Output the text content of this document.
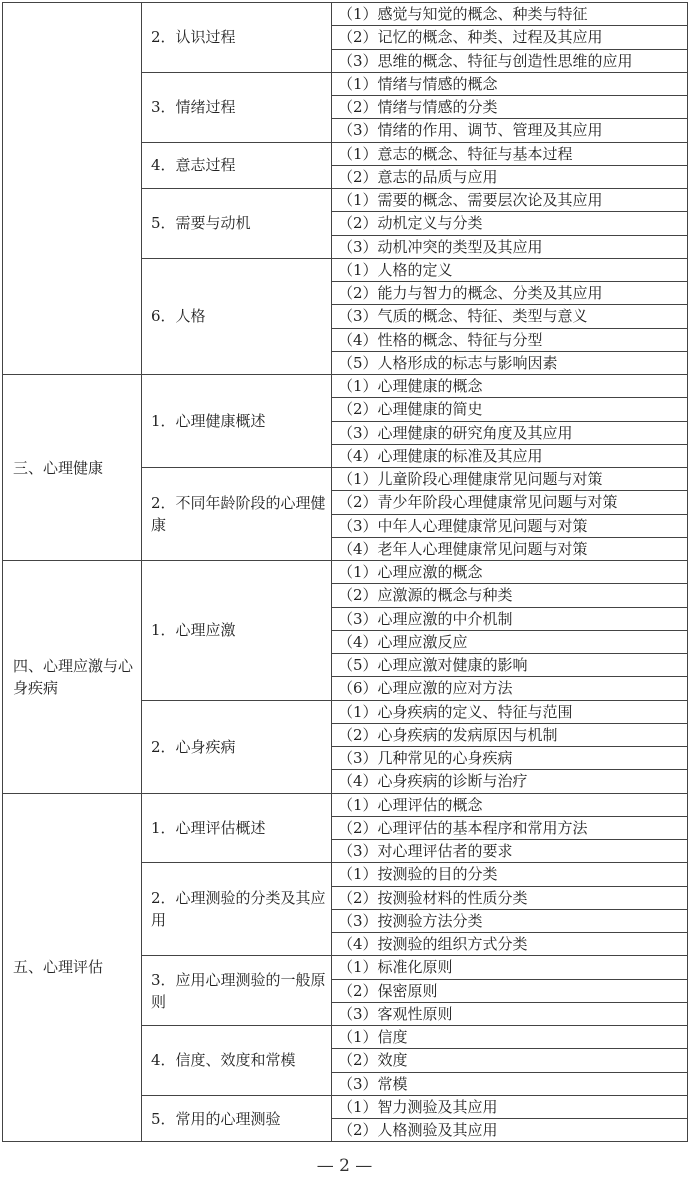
	2．认识过程	（1）感觉与知觉的概念、种类与特征
		（2）记忆的概念、种类、过程及其应用
		（3）思维的概念、特征与创造性思维的应用
	3．情绪过程	（1）情绪与情感的概念
		（2）情绪与情感的分类
		（3）情绪的作用、调节、管理及其应用
	4．意志过程	（1）意志的概念、特征与基本过程
		（2）意志的品质与应用
	5．需要与动机	（1）需要的概念、需要层次论及其应用
		（2）动机定义与分类
		（3）动机冲突的类型及其应用
	6．人格	（1）人格的定义
		（2）能力与智力的概念、分类及其应用
		（3）气质的概念、特征、类型与意义
		（4）性格的概念、特征与分型
		（5）人格形成的标志与影响因素
三、心理健康	1．心理健康概述	（1）心理健康的概念
		（2）心理健康的简史
		（3）心理健康的研究角度及其应用
		（4）心理健康的标准及其应用
	2．不同年龄阶段的心理健康	（1）儿童阶段心理健康常见问题与对策
		（2）青少年阶段心理健康常见问题与对策
		（3）中年人心理健康常见问题与对策
		（4）老年人心理健康常见问题与对策
四、心理应激与心身疾病	1．心理应激	（1）心理应激的概念
		（2）应激源的概念与种类
		（3）心理应激的中介机制
		（4）心理应激反应
		（5）心理应激对健康的影响
		（6）心理应激的应对方法
	2．心身疾病	（1）心身疾病的定义、特征与范围
		（2）心身疾病的发病原因与机制
		（3）几种常见的心身疾病
		（4）心身疾病的诊断与治疗
五、心理评估	1．心理评估概述	（1）心理评估的概念
		（2）心理评估的基本程序和常用方法
		（3）对心理评估者的要求
	2．心理测验的分类及其应用	（1）按测验的目的分类
		（2）按测验材料的性质分类
		（3）按测验方法分类
		（4）按测验的组织方式分类
	3．应用心理测验的一般原则	（1）标准化原则
		（2）保密原则
		（3）客观性原则
	4．信度、效度和常模	（1）信度
		（2）效度
		（3）常模
	5．常用的心理测验	（1）智力测验及其应用
		（2）人格测验及其应用
— 2 —
